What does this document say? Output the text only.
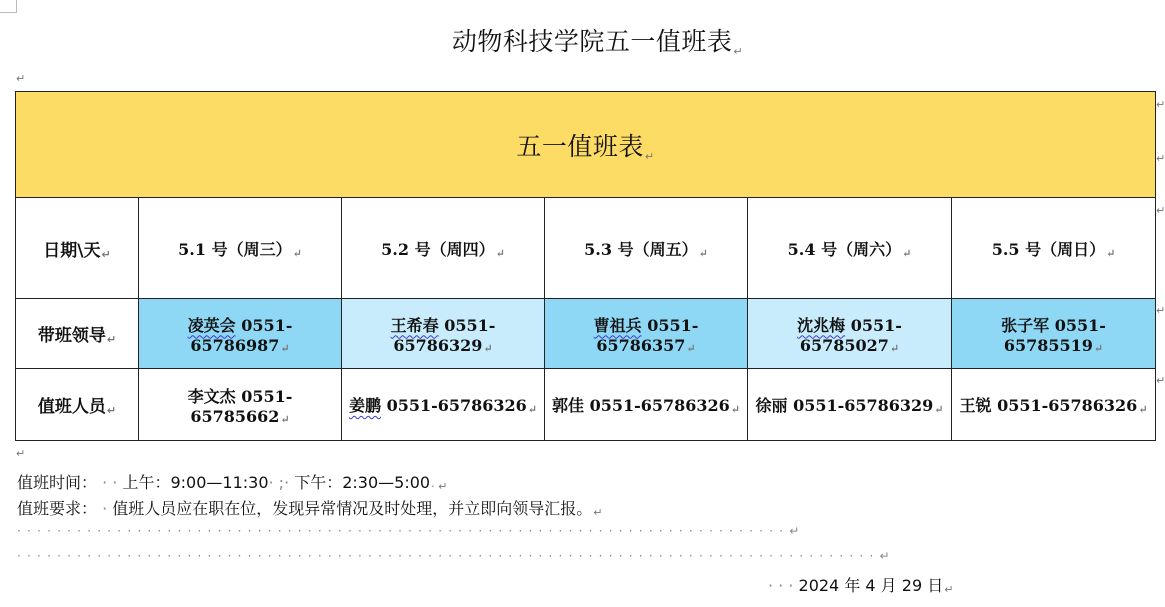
动物科技学院五一值班表↵
↵
五一值班表↵					
日期\天↵	5.1 号（周三）↵	5.2 号（周四）↵	5.3 号（周五）↵	5.4 号（周六）↵	5.5 号（周日）↵
带班领导↵	凌英会 0551-65786987↵	王希春 0551-65786329↵	曹祖兵 0551-65786357↵	沈兆梅 0551-65785027↵	张子军 0551-65785519↵
值班人员↵	李文杰 0551-65785662↵	姜鹏 0551-65786326↵	郭佳 0551-65786326↵	徐丽 0551-65786329↵	王锐 0551-65786326↵
↵
↵
↵
↵
↵
↵
值班时间： · · 上午：9:00—11:30· ;· 下午：2:30—5:00· ↵
值班要求： · 值班人员应在职在位，发现异常情况及时处理，并立即向领导汇报。↵
· · · · · · · · · · · · · · · · · · · · · · · · · · · · · · · · · · · · · · · · · · · · · · · · · · · · · · · · · · · · · · · · · · · · · · · · · · · · · ↵
· · · · · · · · · · · · · · · · · · · · · · · · · · · · · · · · · · · · · · · · · · · · · · · · · · · · · · · · · · · · · · · · · · · · · · · · · · · · · · · · · · · · · · ↵
· · · 2024 年 4 月 29 日↵
